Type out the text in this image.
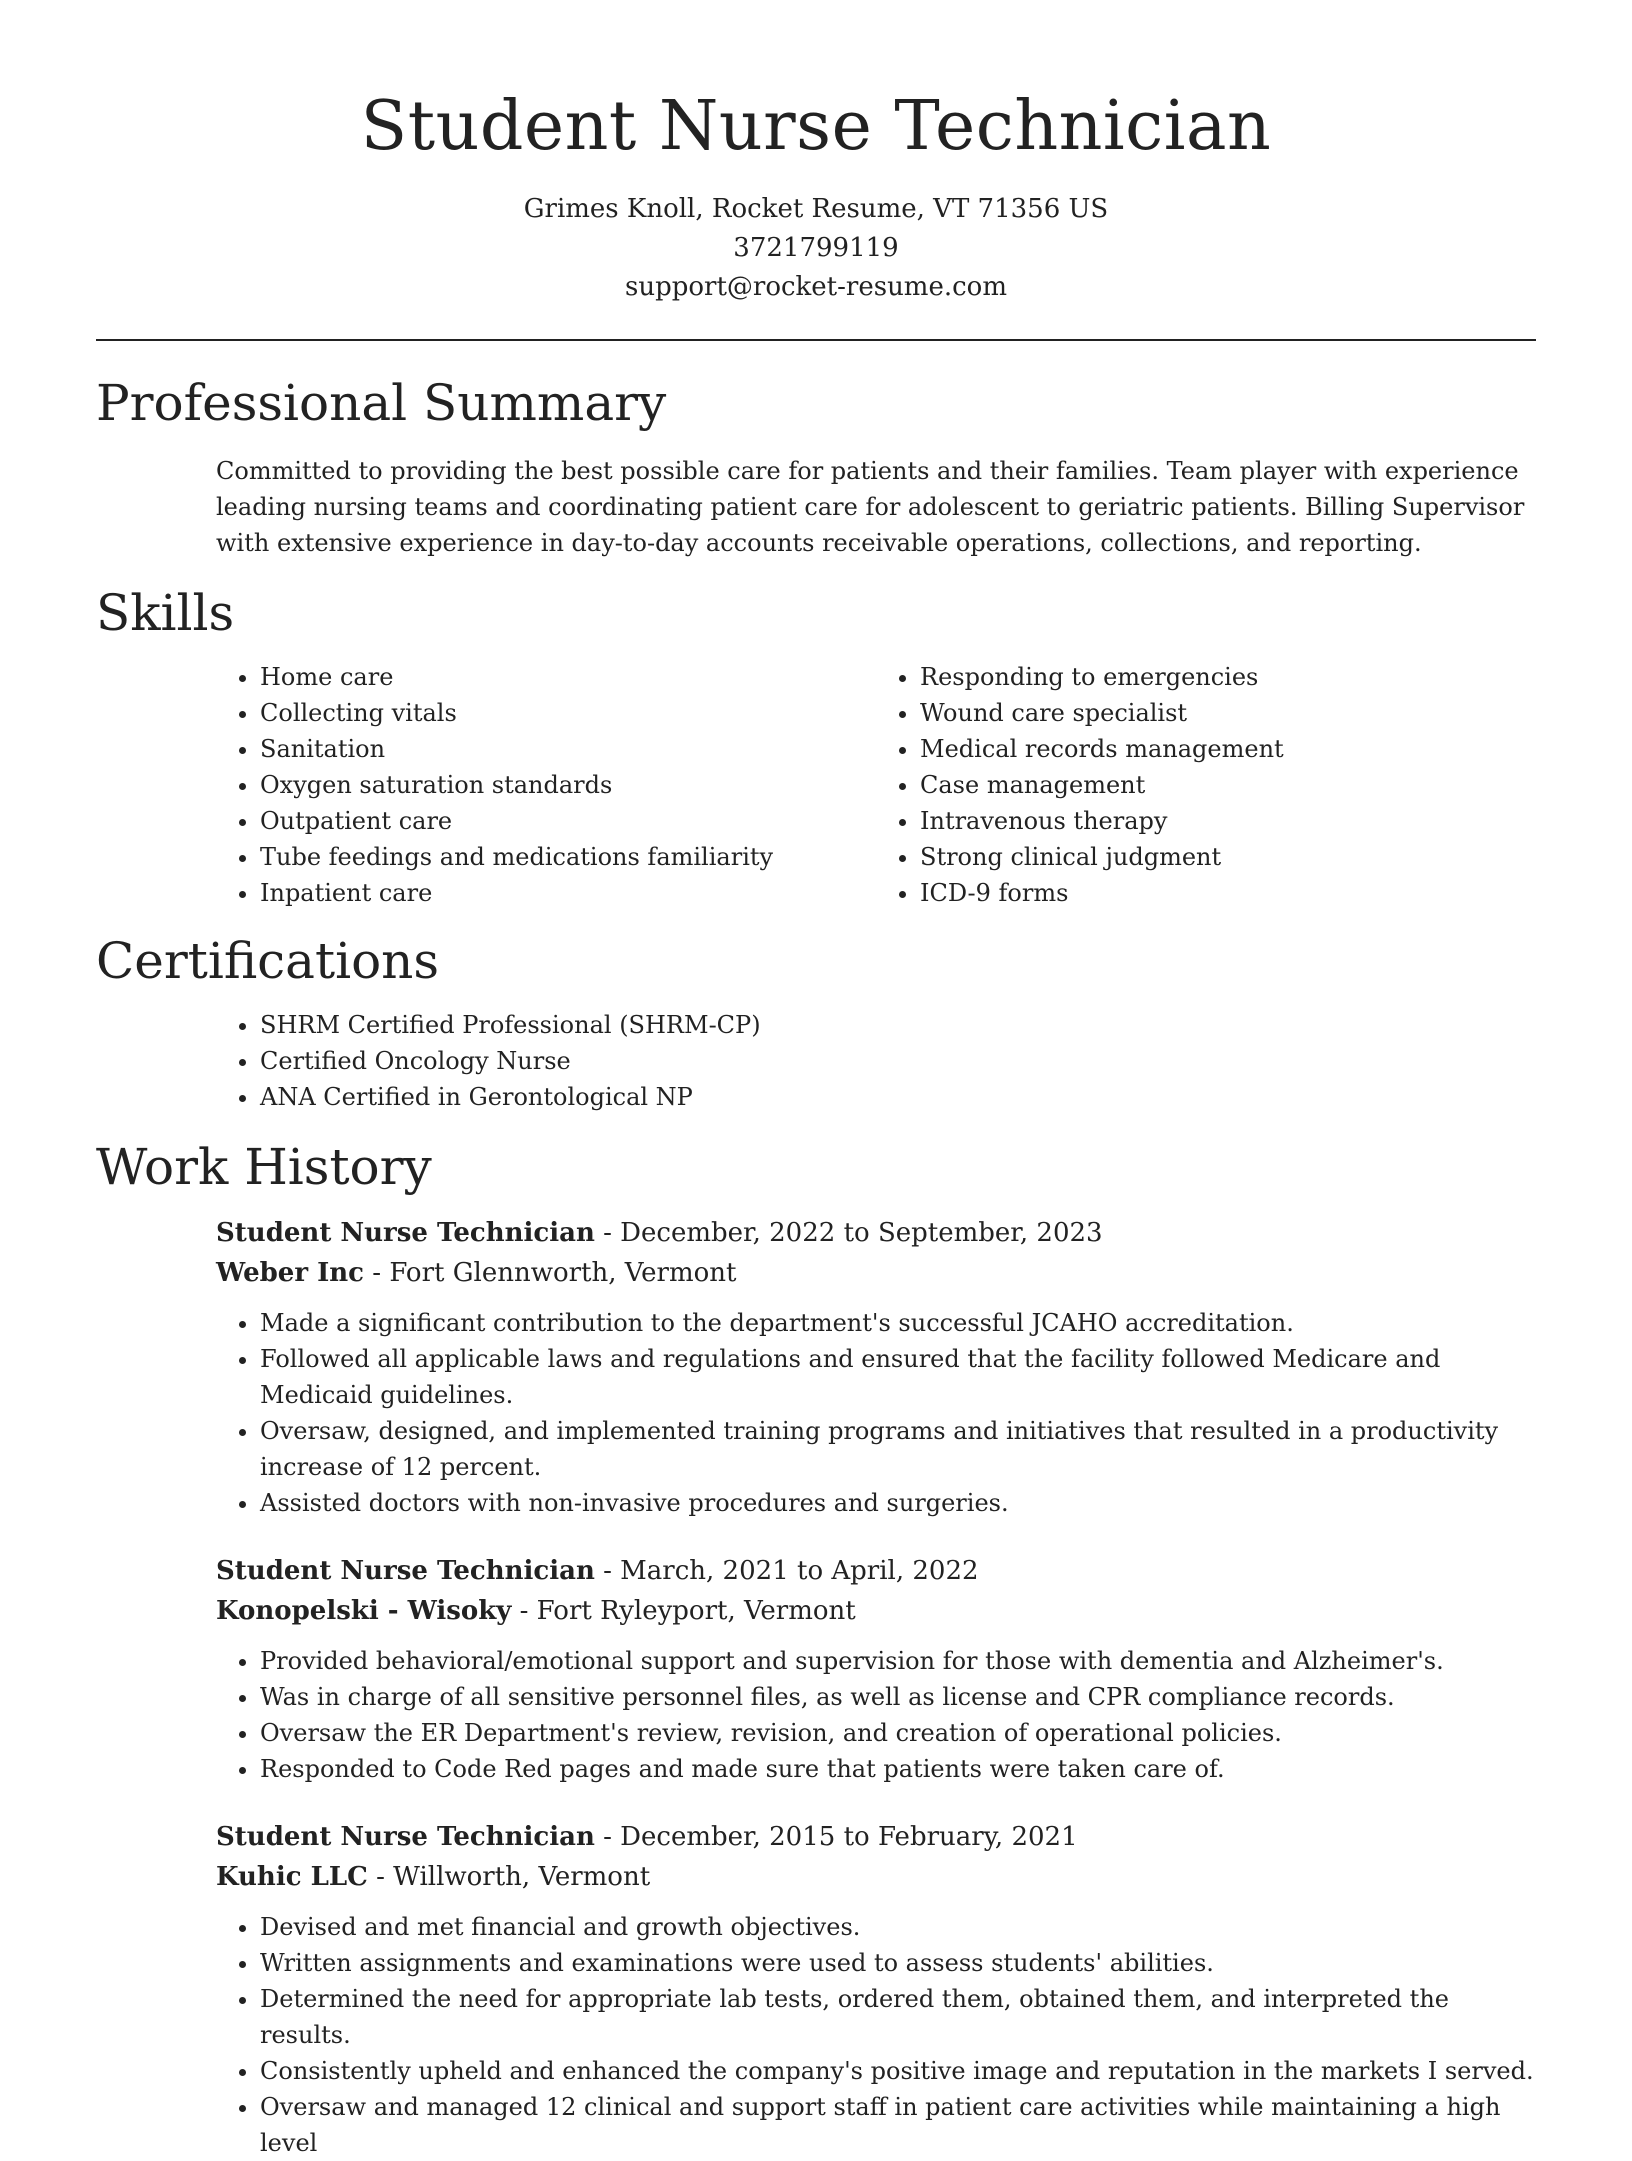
Student Nurse Technician
Grimes Knoll, Rocket Resume, VT 71356 US
3721799119
support@rocket-resume.com
Professional Summary
Committed to providing the best possible care for patients and their families. Team player with experience leading nursing teams and coordinating patient care for adolescent to geriatric patients. Billing Supervisor with extensive experience in day-to-day accounts receivable operations, collections, and reporting.
Skills
• Home care
• Collecting vitals
• Sanitation
• Oxygen saturation standards
• Outpatient care
• Tube feedings and medications familiarity
• Inpatient care
• Responding to emergencies
• Wound care specialist
• Medical records management
• Case management
• Intravenous therapy
• Strong clinical judgment
• ICD-9 forms
Certifications
• SHRM Certified Professional (SHRM-CP)
• Certified Oncology Nurse
• ANA Certified in Gerontological NP
Work History
Student Nurse Technician - December, 2022 to September, 2023
Weber Inc - Fort Glennworth, Vermont
• Made a significant contribution to the department's successful JCAHO accreditation.
• Followed all applicable laws and regulations and ensured that the facility followed Medicare and Medicaid guidelines.
• Oversaw, designed, and implemented training programs and initiatives that resulted in a productivity increase of 12 percent.
• Assisted doctors with non-invasive procedures and surgeries.
Student Nurse Technician - March, 2021 to April, 2022
Konopelski - Wisoky - Fort Ryleyport, Vermont
• Provided behavioral/emotional support and supervision for those with dementia and Alzheimer's.
• Was in charge of all sensitive personnel files, as well as license and CPR compliance records.
• Oversaw the ER Department's review, revision, and creation of operational policies.
• Responded to Code Red pages and made sure that patients were taken care of.
Student Nurse Technician - December, 2015 to February, 2021
Kuhic LLC - Willworth, Vermont
• Devised and met financial and growth objectives.
• Written assignments and examinations were used to assess students' abilities.
• Determined the need for appropriate lab tests, ordered them, obtained them, and interpreted the results.
• Consistently upheld and enhanced the company's positive image and reputation in the markets I served.
• Oversaw and managed 12 clinical and support staff in patient care activities while maintaining a high level
